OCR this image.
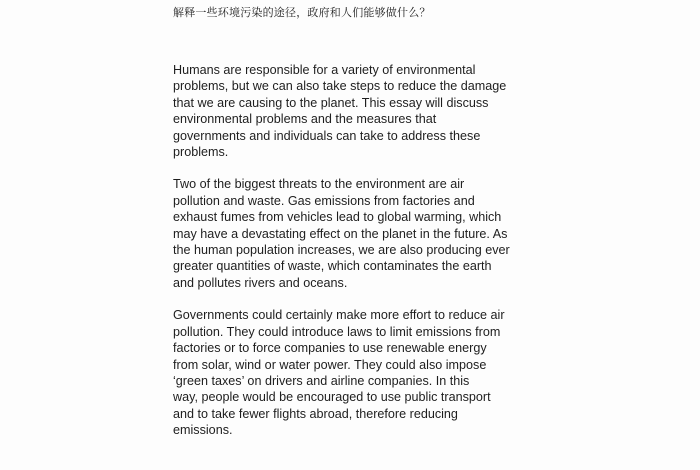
解释一些环境污染的途径，政府和人们能够做什么？

Humans are responsible for a variety of environmental
problems, but we can also take steps to reduce the damage
that we are causing to the planet. This essay will discuss
environmental problems and the measures that
governments and individuals can take to address these
problems.

Two of the biggest threats to the environment are air
pollution and waste. Gas emissions from factories and
exhaust fumes from vehicles lead to global warming, which
may have a devastating effect on the planet in the future. As
the human population increases, we are also producing ever
greater quantities of waste, which contaminates the earth
and pollutes rivers and oceans.

Governments could certainly make more effort to reduce air
pollution. They could introduce laws to limit emissions from
factories or to force companies to use renewable energy
from solar, wind or water power. They could also impose
‘green taxes’ on drivers and airline companies. In this
way, people would be encouraged to use public transport
and to take fewer flights abroad, therefore reducing
emissions.
